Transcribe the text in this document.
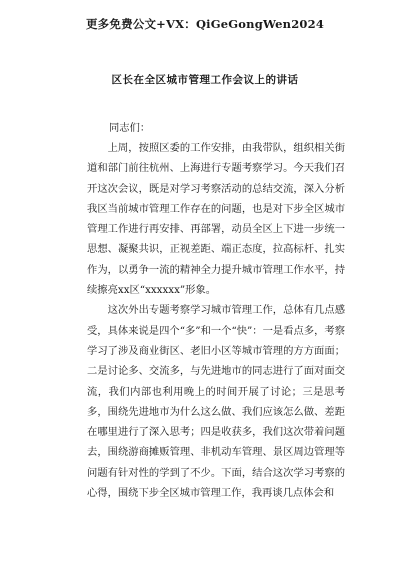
更多免费公文+VX：QiGeGongWen2024
区长在全区城市管理工作会议上的讲话

同志们：

上周，按照区委的工作安排，由我带队，组织相关街道和部门前往杭州、上海进行专题考察学习。今天我们召开这次会议，既是对学习考察活动的总结交流，深入分析我区当前城市管理工作存在的问题，也是对下步全区城市管理工作进行再安排、再部署，动员全区上下进一步统一思想、凝聚共识，正视差距、端正态度，拉高标杆、扎实作为，以勇争一流的精神全力提升城市管理工作水平，持续擦亮xx区“xxxxxx”形象。

这次外出专题考察学习城市管理工作，总体有几点感受，具体来说是四个“多”和一个“快”：一是看点多，考察学习了涉及商业街区、老旧小区等城市管理的方方面面；二是讨论多、交流多，与先进地市的同志进行了面对面交流，我们内部也利用晚上的时间开展了讨论；三是思考多，围绕先进地市为什么这么做、我们应该怎么做、差距在哪里进行了深入思考；四是收获多，我们这次带着问题去，围绕游商摊贩管理、非机动车管理、景区周边管理等问题有针对性的学到了不少。下面，结合这次学习考察的心得，围绕下步全区城市管理工作，我再谈几点体会和
